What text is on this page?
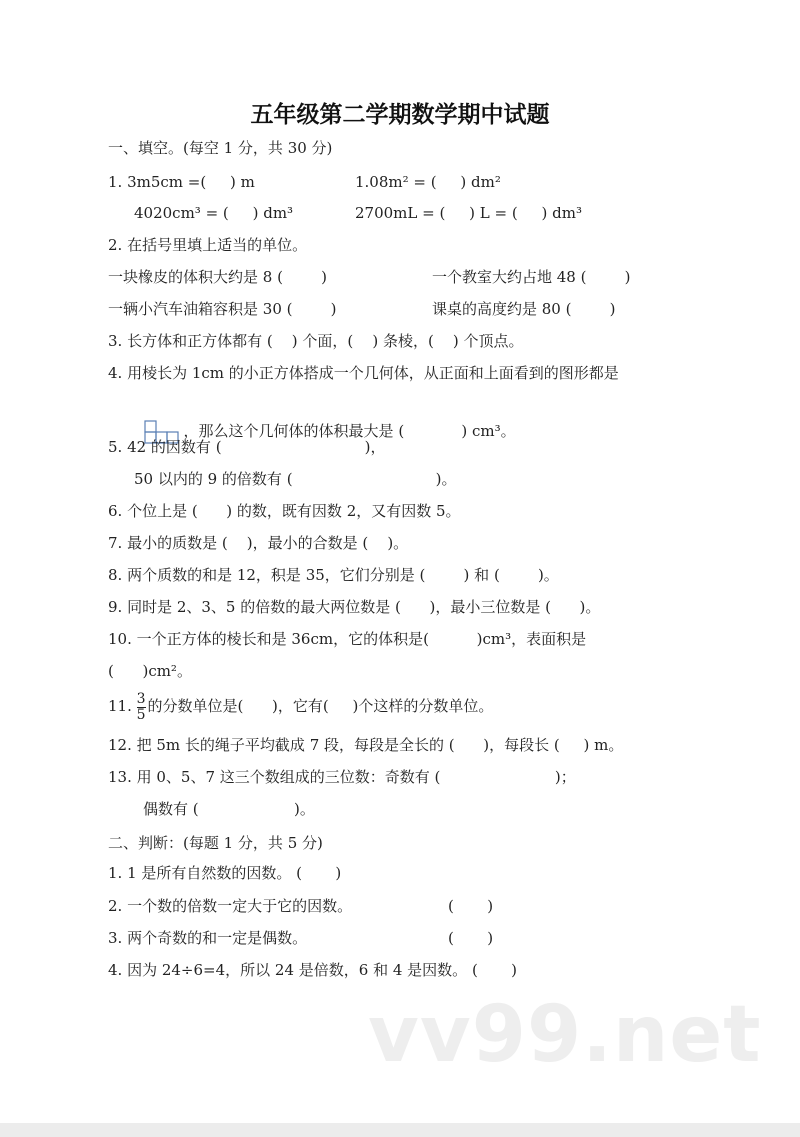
五年级第二学期数学期中试题
一、填空。(每空 1 分，共 30 分)
1. 3m5cm =(     ) m	1.08m² = (     ) dm²
4020cm³ = (     ) dm³	2700mL = (     ) L = (     ) dm³
2. 在括号里填上适当的单位。
一块橡皮的体积大约是 8 (        )	一个教室大约占地 48 (        )
一辆小汽车油箱容积是 30 (        )	课桌的高度约是 80 (        )
3. 长方体和正方体都有 (    ) 个面，(    ) 条棱，(    ) 个顶点。
4. 用棱长为 1cm 的小正方体搭成一个几何体，从正面和上面看到的图形都是

，那么这个几何体的体积最大是 (            ) cm³。

5. 42 的因数有 (                              )，
50 以内的 9 的倍数有 (                              )。
6. 个位上是 (      ) 的数，既有因数 2，又有因数 5。
7. 最小的质数是 (    )，最小的合数是 (    )。
8. 两个质数的和是 12，积是 35，它们分别是 (        ) 和 (        )。
9. 同时是 2、3、5 的倍数的最大两位数是 (      )，最小三位数是 (      )。
10. 一个正方体的棱长和是 36cm，它的体积是(          )cm³，表面积是
(      )cm²。
11. $\frac{3}{5}$ 的分数单位是(      )，它有(     )个这样的分数单位。
12. 把 5m 长的绳子平均截成 7 段，每段是全长的 (      )，每段长 (     ) m。
13. 用 0、5、7 这三个数组成的三位数：奇数有 (                        )；
偶数有 (                    )。
二、判断：(每题 1 分，共 5 分)
1. 1 是所有自然数的因数。 (       )
2. 一个数的倍数一定大于它的因数。	(       )
3. 两个奇数的和一定是偶数。	(       )
4. 因为 24÷6=4，所以 24 是倍数，6 和 4 是因数。 (       )
vv99.net
